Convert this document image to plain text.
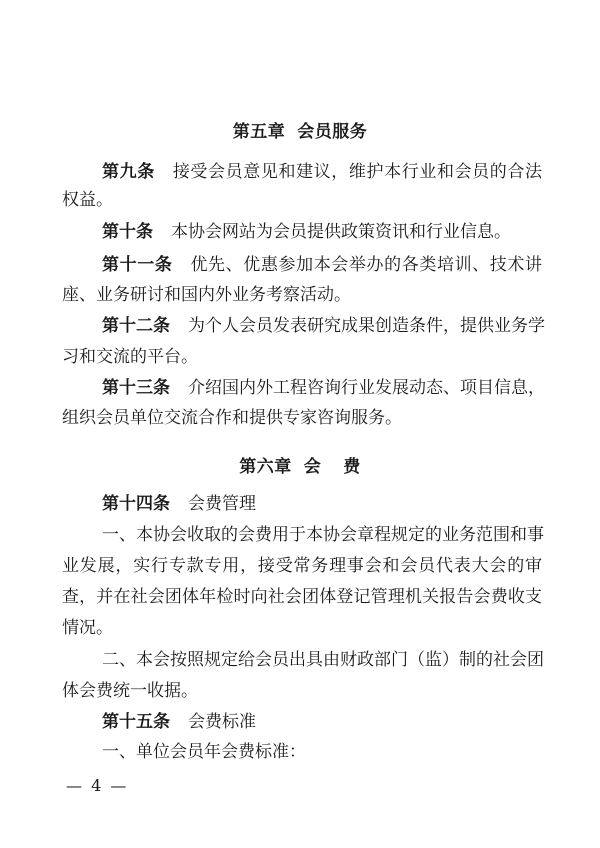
第五章 会员服务
第九条 接受会员意见和建议，维护本行业和会员的合法
权益。
第十条 本协会网站为会员提供政策资讯和行业信息。
第十一条 优先、优惠参加本会举办的各类培训、技术讲
座、业务研讨和国内外业务考察活动。
第十二条 为个人会员发表研究成果创造条件，提供业务学
习和交流的平台。
第十三条 介绍国内外工程咨询行业发展动态、项目信息，
组织会员单位交流合作和提供专家咨询服务。
第六章 会 费
第十四条 会费管理
一、本协会收取的会费用于本协会章程规定的业务范围和事
业发展，实行专款专用，接受常务理事会和会员代表大会的审
查，并在社会团体年检时向社会团体登记管理机关报告会费收支
情况。
二、本会按照规定给会员出具由财政部门（监）制的社会团
体会费统一收据。
第十五条 会费标准
一、单位会员年会费标准：
— 4 —
